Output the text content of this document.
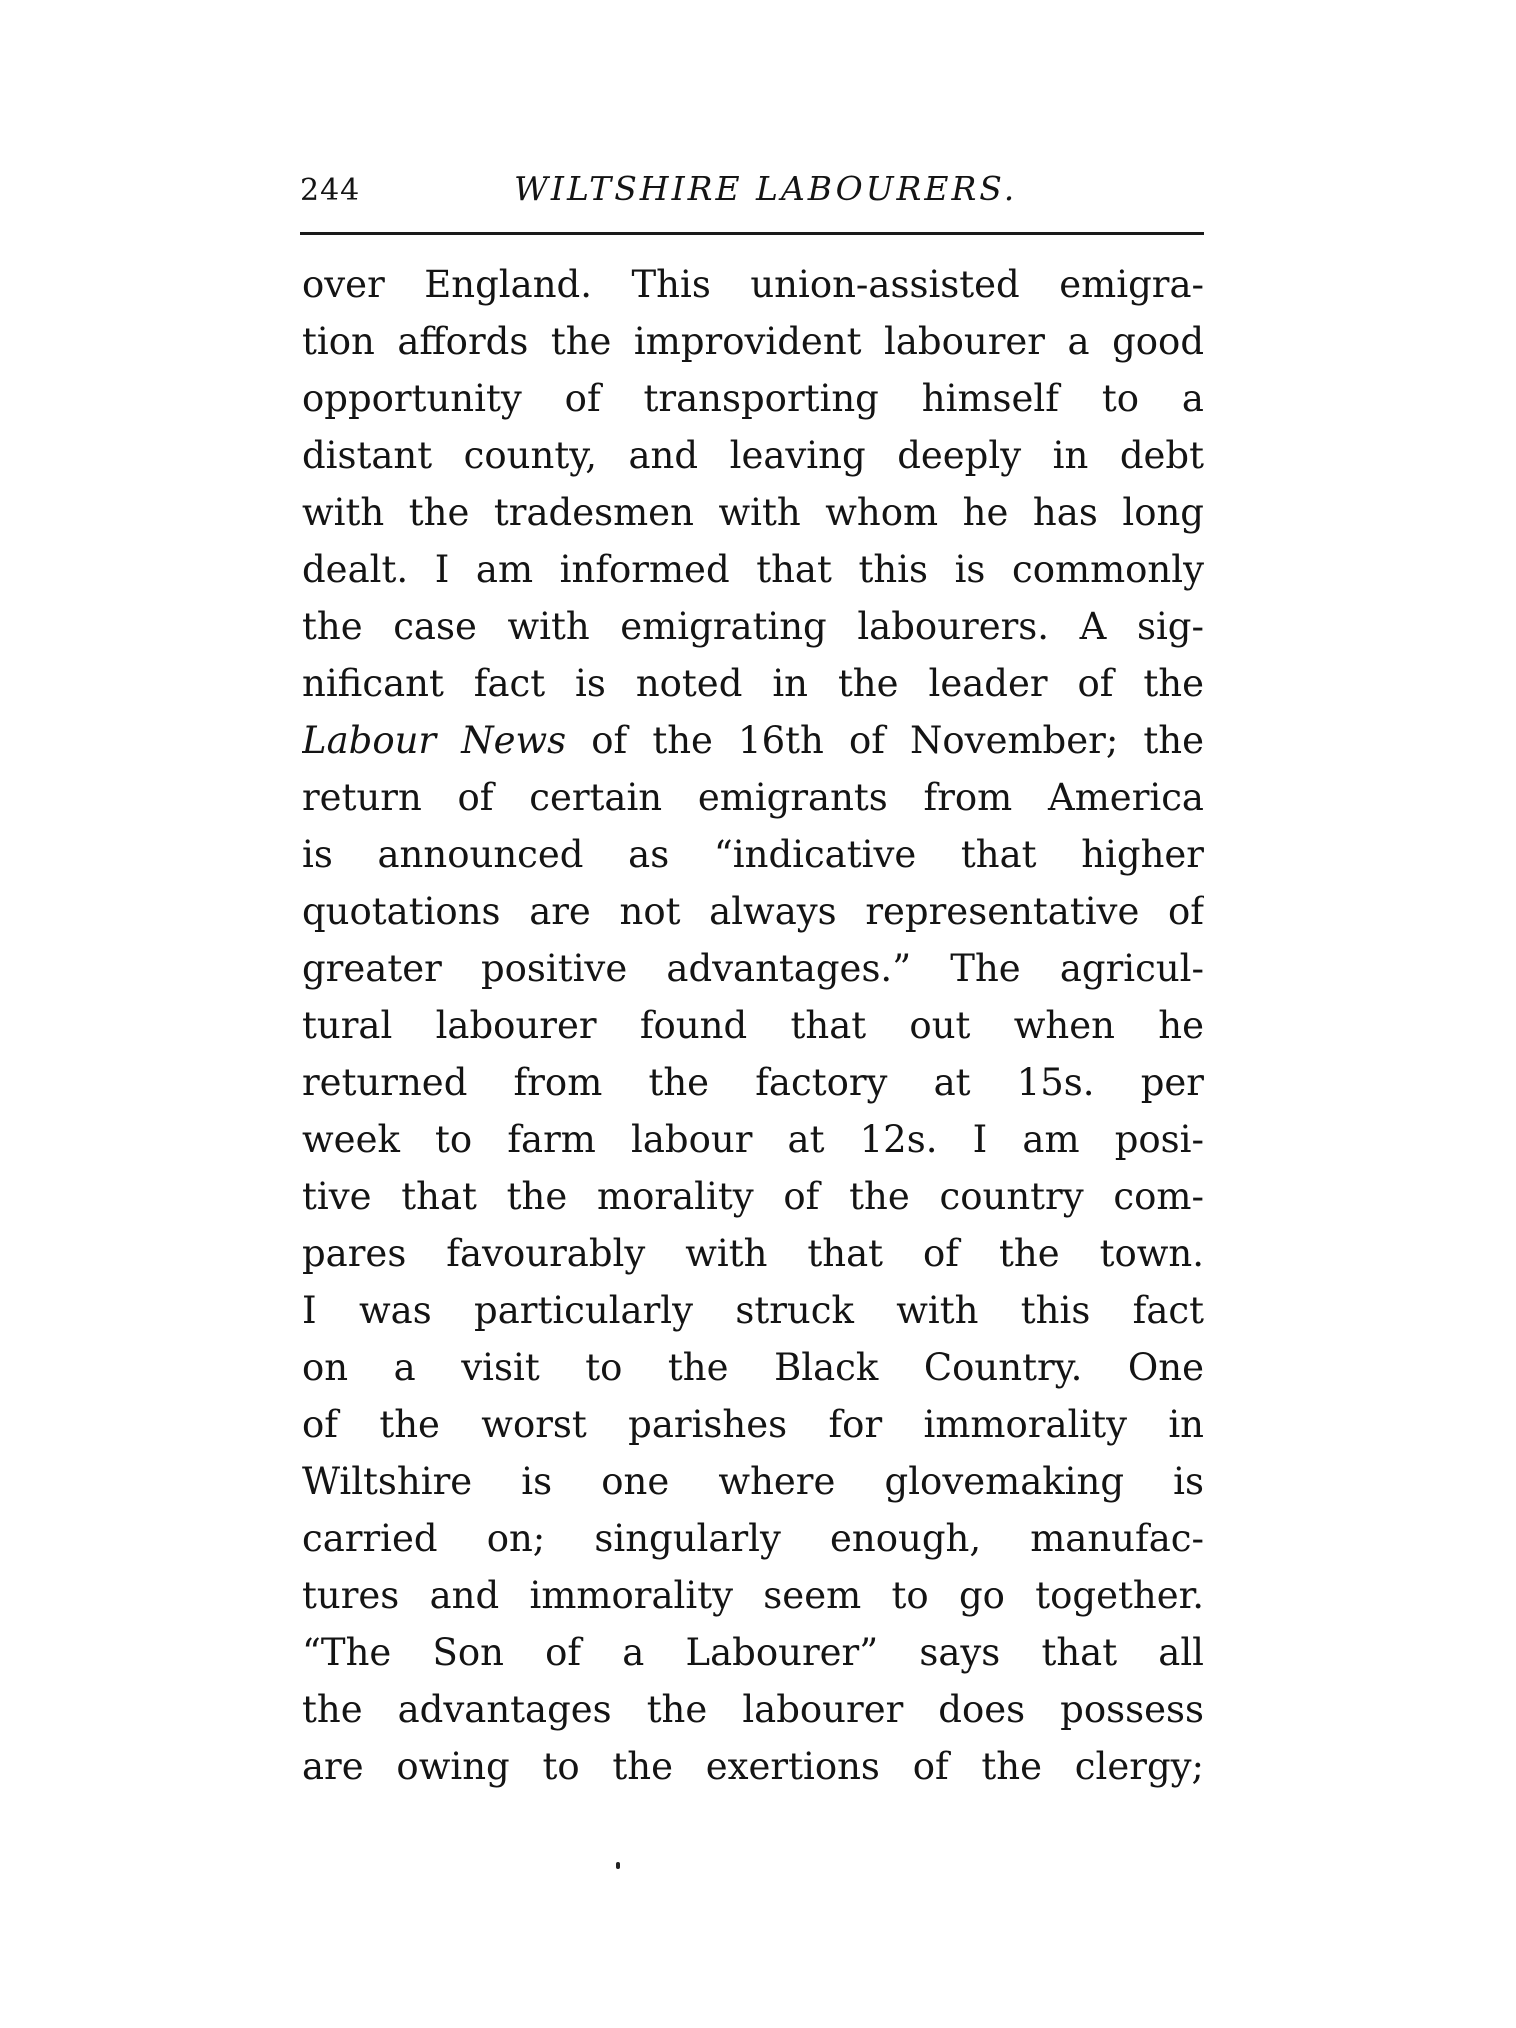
244	WILTSHIRE LABOURERS.
over England. This union-assisted emigra-
tion affords the improvident labourer a good
opportunity of transporting himself to a
distant county, and leaving deeply in debt
with the tradesmen with whom he has long
dealt. I am informed that this is commonly
the case with emigrating labourers. A sig-
nificant fact is noted in the leader of the
Labour News of the 16th of November; the
return of certain emigrants from America
is announced as “indicative that higher
quotations are not always representative of
greater positive advantages.” The agricul-
tural labourer found that out when he
returned from the factory at 15s. per
week to farm labour at 12s. I am posi-
tive that the morality of the country com-
pares favourably with that of the town.
I was particularly struck with this fact
on a visit to the Black Country. One
of the worst parishes for immorality in
Wiltshire is one where glovemaking is
carried on; singularly enough, manufac-
tures and immorality seem to go together.
“The Son of a Labourer” says that all
the advantages the labourer does possess
are owing to the exertions of the clergy;
